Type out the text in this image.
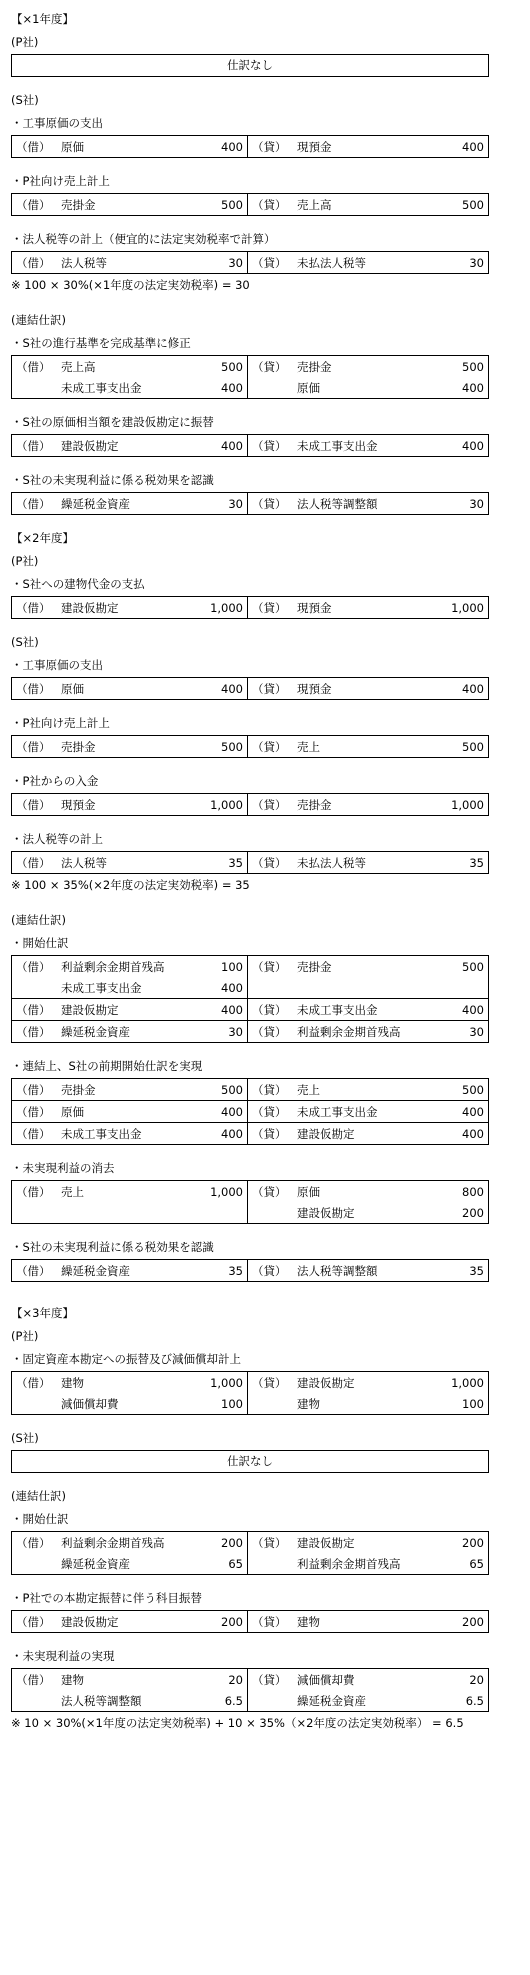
【×1年度】
(P社)
仕訳なし
(S社)
・工事原価の支出
（借）	原価	400	（貸）	現預金	400
・P社向け売上計上
（借）	売掛金	500	（貸）	売上高	500
・法人税等の計上（便宜的に法定実効税率で計算）
（借）	法人税等	30	（貸）	未払法人税等	30
※ 100 × 30%(×1年度の法定実効税率) = 30
(連結仕訳)
・S社の進行基準を完成基準に修正
（借）	売上高	500	（貸）	売掛金	500
	未成工事支出金	400		原価	400
・S社の原価相当額を建設仮勘定に振替
（借）	建設仮勘定	400	（貸）	未成工事支出金	400
・S社の未実現利益に係る税効果を認識
（借）	繰延税金資産	30	（貸）	法人税等調整額	30
【×2年度】
(P社)
・S社への建物代金の支払
（借）	建設仮勘定	1,000	（貸）	現預金	1,000
(S社)
・工事原価の支出
（借）	原価	400	（貸）	現預金	400
・P社向け売上計上
（借）	売掛金	500	（貸）	売上	500
・P社からの入金
（借）	現預金	1,000	（貸）	売掛金	1,000
・法人税等の計上
（借）	法人税等	35	（貸）	未払法人税等	35
※ 100 × 35%(×2年度の法定実効税率) = 35
(連結仕訳)
・開始仕訳
（借）	利益剰余金期首残高	100	（貸）	売掛金	500
	未成工事支出金	400			
（借）	建設仮勘定	400	（貸）	未成工事支出金	400
（借）	繰延税金資産	30	（貸）	利益剰余金期首残高	30
・連結上、S社の前期開始仕訳を実現
（借）	売掛金	500	（貸）	売上	500
（借）	原価	400	（貸）	未成工事支出金	400
（借）	未成工事支出金	400	（貸）	建設仮勘定	400
・未実現利益の消去
（借）	売上	1,000	（貸）	原価	800
				建設仮勘定	200
・S社の未実現利益に係る税効果を認識
（借）	繰延税金資産	35	（貸）	法人税等調整額	35
【×3年度】
(P社)
・固定資産本勘定への振替及び減価償却計上
（借）	建物	1,000	（貸）	建設仮勘定	1,000
	減価償却費	100		建物	100
(S社)
仕訳なし
(連結仕訳)
・開始仕訳
（借）	利益剰余金期首残高	200	（貸）	建設仮勘定	200
	繰延税金資産	65		利益剰余金期首残高	65
・P社での本勘定振替に伴う科目振替
（借）	建設仮勘定	200	（貸）	建物	200
・未実現利益の実現
（借）	建物	20	（貸）	減価償却費	20
	法人税等調整額	6.5		繰延税金資産	6.5
※ 10 × 30%(×1年度の法定実効税率) + 10 × 35%（×2年度の法定実効税率） = 6.5
